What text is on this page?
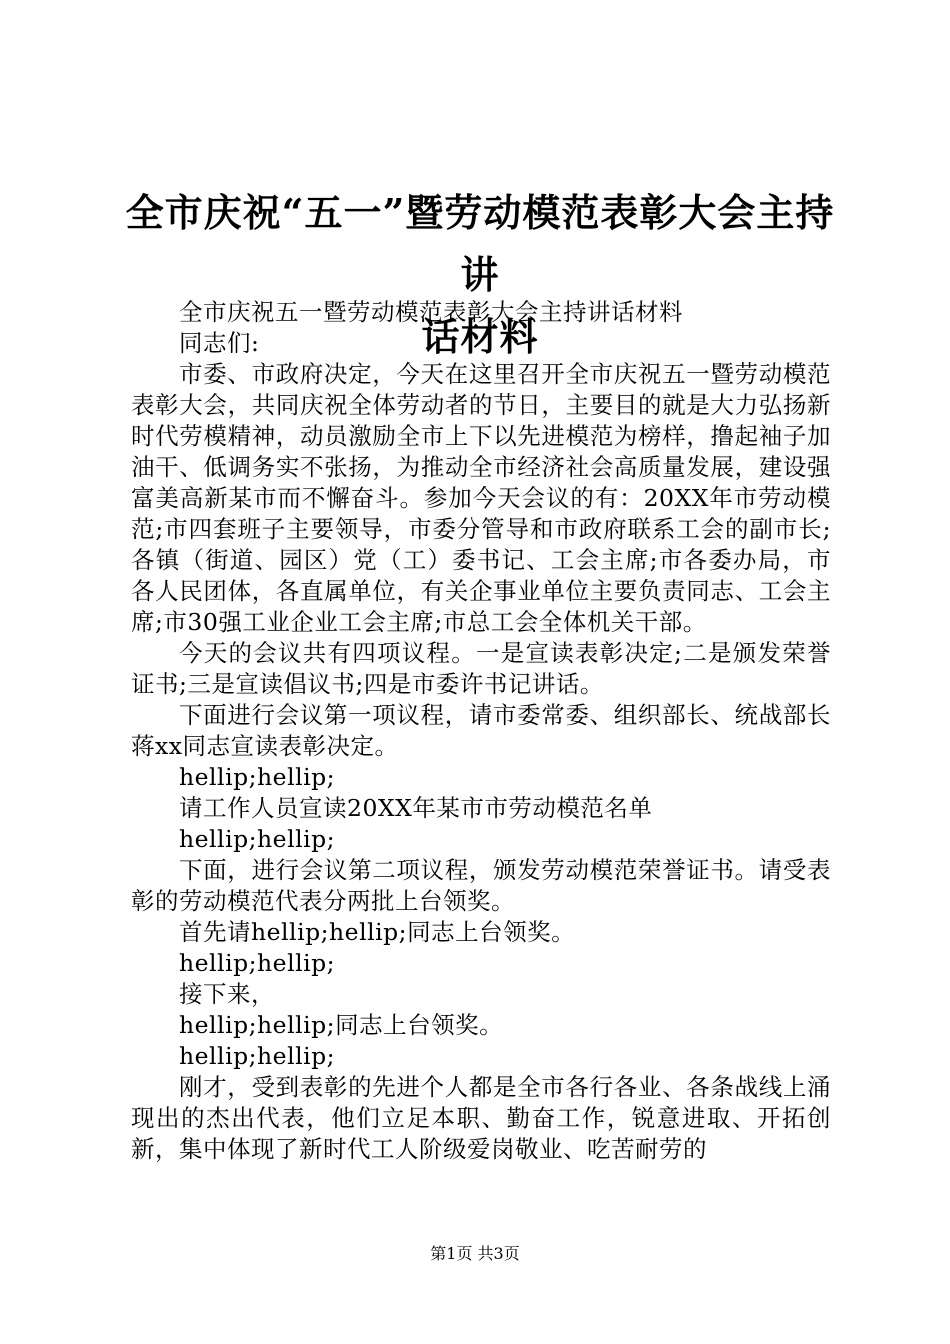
全市庆祝“五一”暨劳动模范表彰大会主持讲
话材料

全市庆祝五一暨劳动模范表彰大会主持讲话材料

同志们:

市委、市政府决定，今天在这里召开全市庆祝五一暨劳动模范表彰大会，共同庆祝全体劳动者的节日，主要目的就是大力弘扬新时代劳模精神，动员激励全市上下以先进模范为榜样，撸起袖子加油干、低调务实不张扬，为推动全市经济社会高质量发展，建设强富美高新某市而不懈奋斗。参加今天会议的有：20XX年市劳动模范;市四套班子主要领导，市委分管导和市政府联系工会的副市长;各镇（街道、园区）党（工）委书记、工会主席;市各委办局，市各人民团体，各直属单位，有关企事业单位主要负责同志、工会主席;市30强工业企业工会主席;市总工会全体机关干部。

今天的会议共有四项议程。一是宣读表彰决定;二是颁发荣誉证书;三是宣读倡议书;四是市委许书记讲话。

下面进行会议第一项议程，请市委常委、组织部长、统战部长蒋xx同志宣读表彰决定。

hellip;hellip;

请工作人员宣读20XX年某市市劳动模范名单

hellip;hellip;

下面，进行会议第二项议程，颁发劳动模范荣誉证书。请受表彰的劳动模范代表分两批上台领奖。

首先请hellip;hellip;同志上台领奖。

hellip;hellip;

接下来，

hellip;hellip;同志上台领奖。

hellip;hellip;

刚才，受到表彰的先进个人都是全市各行各业、各条战线上涌现出的杰出代表，他们立足本职、勤奋工作，锐意进取、开拓创新，集中体现了新时代工人阶级爱岗敬业、吃苦耐劳的

第1页 共3页
